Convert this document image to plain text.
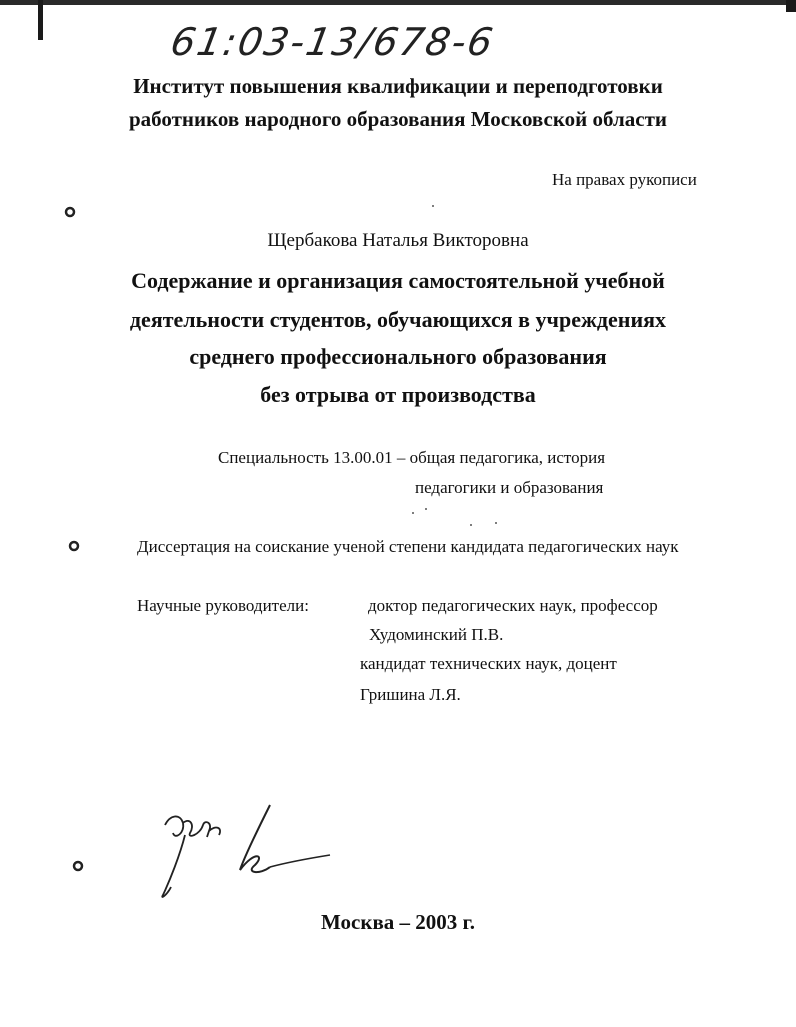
61:03-13/678-6
Институт повышения квалификации и переподготовки
работников народного образования Московской области
На правах рукописи
Щербакова Наталья Викторовна
Содержание и организация самостоятельной учебной
деятельности студентов, обучающихся в учреждениях
среднего профессионального образования
без отрыва от производства
Специальность 13.00.01 – общая педагогика, история
педагогики и образования
Диссертация на соискание ученой степени кандидата педагогических наук
Научные руководители:	доктор педагогических наук, профессор
Худоминский П.В.
кандидат технических наук, доцент
Гришина Л.Я.
Москва – 2003 г.
